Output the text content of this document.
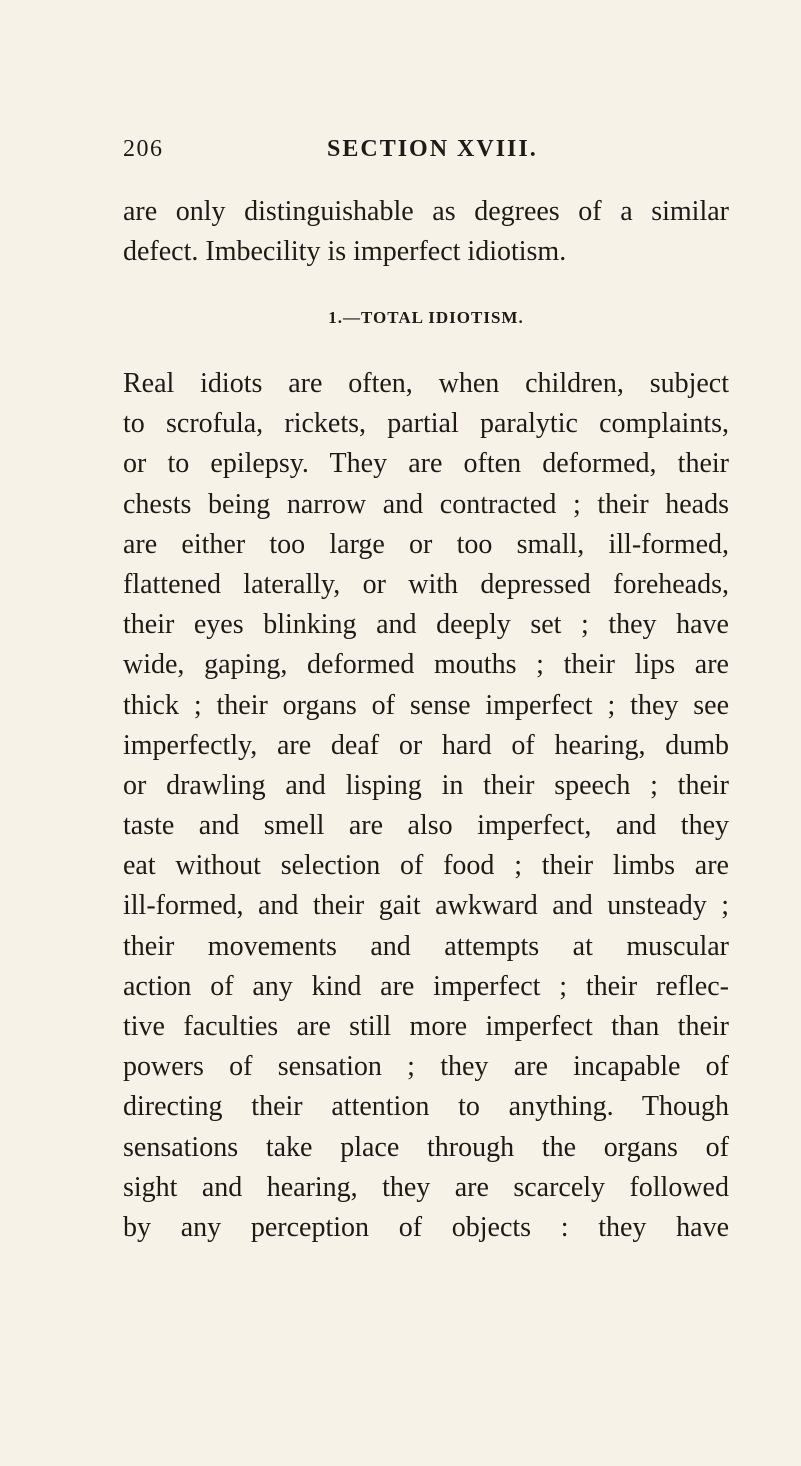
206	SECTION XVIII.
are only distinguishable as degrees of a similar
defect. Imbecility is imperfect idiotism.
1.—TOTAL IDIOTISM.
Real idiots are often, when children, subject
to scrofula, rickets, partial paralytic complaints,
or to epilepsy. They are often deformed, their
chests being narrow and contracted ; their heads
are either too large or too small, ill-formed,
flattened laterally, or with depressed foreheads,
their eyes blinking and deeply set ; they have
wide, gaping, deformed mouths ; their lips are
thick ; their organs of sense imperfect ; they see
imperfectly, are deaf or hard of hearing, dumb
or drawling and lisping in their speech ; their
taste and smell are also imperfect, and they
eat without selection of food ; their limbs are
ill-formed, and their gait awkward and unsteady ;
their movements and attempts at muscular
action of any kind are imperfect ; their reflec-
tive faculties are still more imperfect than their
powers of sensation ; they are incapable of
directing their attention to anything. Though
sensations take place through the organs of
sight and hearing, they are scarcely followed
by any perception of objects : they have
